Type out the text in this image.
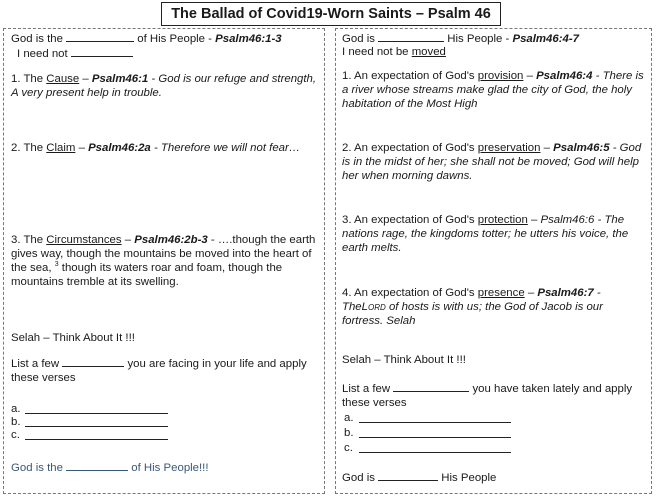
The Ballad of Covid19-Worn Saints – Psalm 46
God is the	of His People - Psalm46:1-3
I need not
1. The Cause – Psalm46:1 - God is our refuge and strength, A very present help in trouble.
2. The Claim – Psalm46:2a - Therefore we will not fear…
3. The Circumstances – Psalm46:2b-3 - ….though the earth gives way, though the mountains be moved into the heart of the sea, $^3$ though its waters roar and foam, though the mountains tremble at its swelling.
Selah – Think About It !!!
List a few	you are facing in your life and apply these verses
a.
b.
c.
God is the	of His People!!!
God is	His People - Psalm46:4-7
I need not be moved
1. An expectation of God's provision – Psalm46:4 - There is a river whose streams make glad the city of God, the holy habitation of the Most High
2. An expectation of God's preservation – Psalm46:5 - God is in the midst of her; she shall not be moved; God will help her when morning dawns.
3. An expectation of God's protection – Psalm46:6 - The nations rage, the kingdoms totter; he utters his voice, the earth melts.
4. An expectation of God's presence – Psalm46:7 - TheLord of hosts is with us; the God of Jacob is our fortress. Selah
Selah – Think About It !!!
List a few	you have taken lately and apply these verses
a.
b.
c.
God is	His People
